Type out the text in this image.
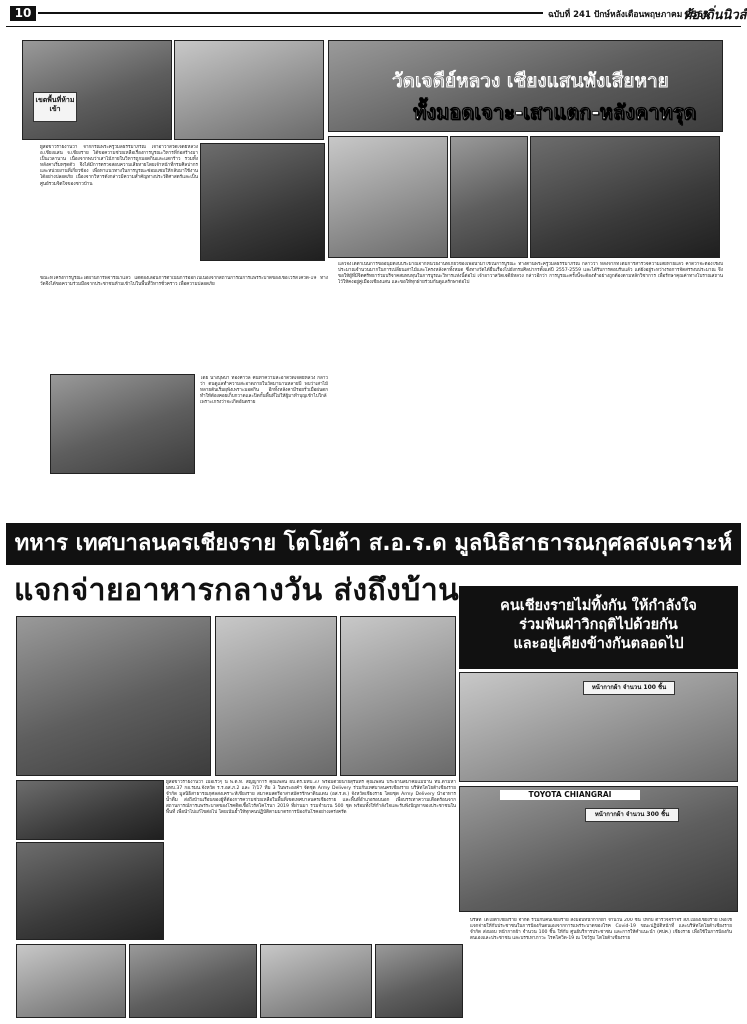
10	ฉบับที่ 241 ปักษ์หลังเดือนพฤษภาคม 2563
ท้องถิ่นนิวส์
เขตพื้นที่ห้ามเข้า
วัดเจดีย์หลวง เชียงแสนพังเสียหาย
ทั้งมอดเจาะ-เสาแตก-หลังคาทรุด
ผู้สื่อข่าวรายงานว่า จากกรณีพระครูวิมลธรรมาภรณ์ เจ้าอาวาสวัดเจดีย์หลวง อ.เชียงแสน จ.เชียงราย ได้ขอความช่วยเหลือเรื่องการบูรณะวิหารที่ก่อสร้างมาเป็นเวลานาน เนื่องจากพบว่าเสาไม้ภายในวิหารถูกมอดกินและแตกร้าว รวมทั้งหลังคาเริ่มทรุดตัว จึงได้มีการตรวจสอบความเสียหายโดยเจ้าหน้าที่กรมศิลปากรและหน่วยงานที่เกี่ยวข้อง เพื่อหาแนวทางในการบูรณะซ่อมแซมให้กลับมาใช้งานได้อย่างปลอดภัย เนื่องจากวิหารดังกล่าวมีความสำคัญทางประวัติศาสตร์และเป็นศูนย์รวมจิตใจของชาวบ้าน
ขณะที่โครงการบูรณะได้ผ่านการพิจารณาแล้ว แต่ต้องเลื่อนการดำเนินการออกไปเนื่องจากสถานการณ์การแพร่ระบาดของเชื้อไวรัสโควิด-19 ทางวัดจึงได้ขอความร่วมมือจากประชาชนห้ามเข้าไปในพื้นที่วิหารชั่วคราว เพื่อความปลอดภัย
โดย นางบุษบา ทองคำวัล คนทำความสะอาดวัดเจดีย์หลวง กล่าวว่า ตนดูแลทำความสะอาดภายในวัดมานานหลายปี พบว่าเสาไม้หลายต้นเริ่มผุพังเพราะมอดกิน อีกทั้งหลังคามีรอยรั่วเมื่อฝนตก ทำให้ต้องคอยเก็บกวาดและปิดกั้นพื้นที่ไม่ให้ผู้มาทำบุญเข้าไปใกล้ เพราะเกรงว่าจะเกิดอันตราย
แล้วจึงได้ดำเนินการขออนุมัติงบประมาณจากหน่วยงานที่เกี่ยวข้องเพื่อนำมาใช้ในการบูรณะ ทางด้านพระครูวิมลธรรมาภรณ์ กล่าวว่า หลังจากที่ได้มีการสำรวจความเสียหายแล้ว คาดว่าจะต้องใช้งบประมาณจำนวนมากในการเปลี่ยนเสาไม้และโครงหลังคาทั้งหมด ซึ่งทางวัดได้ยื่นเรื่องไปยังกรมศิลปากรตั้งแต่ปี 2557-2559 และได้รับการตอบรับแล้ว แต่ยังอยู่ระหว่างรอการจัดสรรงบประมาณ จึงขอให้ผู้ที่มีจิตศรัทธาร่วมบริจาคสมทบทุนในการบูรณะวิหารแห่งนี้ต่อไป เจ้าอาวาสวัดเจดีย์หลวง กล่าวอีกว่า การบูรณะครั้งนี้จะต้องทำอย่างถูกต้องตามหลักวิชาการ เพื่อรักษาคุณค่าทางโบราณสถานไว้ให้คงอยู่คู่เมืองเชียงแสน และขอให้ทุกฝ่ายร่วมกันดูแลรักษาต่อไป
ทหาร เทศบาลนครเชียงราย โตโยต้า ส.อ.ร.ด มูลนิธิสาธารณกุศลสงเคราะห์
แจกจ่ายอาหารกลางวัน ส่งถึงบ้าน	คนเชียงรายไม่ทิ้งกัน ให้กำลังใจ
ร่วมฟันฝ่าวิกฤติไปด้วยกัน
และอยู่เคียงข้างกันตลอดไป
หน้ากากผ้า จำนวน 100 ชิ้น
TOYOTA CHIANGRAI
หน้ากากผ้า จำนวน 300 ชิ้น
ผู้สื่อข่าวรายงานว่า เมื่อเร็วๆ นี้ พ.ต.ท. สัญญาการ คุณเพลิน ผบ.ตร.มทบ.37 พร้อมด้วยนายสุรินทร์ คุณเพลิน ประธานสมาคมแม่บ้าน ทบ.ตามหา มทบ.37 กอ.รมน.จังหวัด ร.ร.อส.ภ.2 และ 7/17 ทีม 3 ในพระองค์ฯ จัดชุด Army Delivery ร่วมกับเทศบาลนครเชียงราย บริษัทโตโยต้าเชียงราย จำกัด มูลนิธิสาธารณกุศลสงเคราะห์เชียงราย สมาคมสตรีอาสาสมัครรักษาดินแดน (อส.ร.ด.) จังหวัดเชียงราย โดยชุด Army Delivery นำอาหาร น้ำดื่ม ส่งถึงบ้านเรือนของผู้ที่ต้องการความช่วยเหลือในพื้นที่เขตเทศบาลนครเชียงราย และพื้นที่อำเภอรอบนอก เพื่อบรรเทาความเดือดร้อนจากสถานการณ์การแพร่ระบาดของโรคติดเชื้อไวรัสโคโรนา 2019 ที่ผ่านมา รวมจำนวน 500 ชุด พร้อมทั้งให้กำลังใจและรับฟังปัญหาของประชาชนในพื้นที่ เพื่อนำไปแก้ไขต่อไป โดยเน้นย้ำให้ทุกคนปฏิบัติตามมาตรการป้องกันโรคอย่างเคร่งครัด
บริษัท โตโยต้าเชียงราย จำกัด ร่วมกับคนเชียงราย ส่งมอบหน้ากากผ้า จำนวน 200 ชิ้น ให้กับ ตำรวจจราจร สภ.เมืองเชียงราย เพื่อใช้แจกจ่ายให้กับประชาชนในการป้องกันตนเองจากการแพร่ระบาดของโรค Covid-19 ขณะปฏิบัติหน้าที่ และบริษัทโตโยต้าเชียงราย จำกัด ส่งมอบ หน้ากากผ้า จำนวน 100 ชิ้น ให้กับ ศูนย์บริการประชาชน และการให้คำแนะนำ (ศปค.) เชียงราย เพื่อใช้ในการป้องกันตนเองและประชาชน และบรรเทาภาวะ โรคโควิด-19 ณ โชว์รูม โตโยต้าเชียงราย
